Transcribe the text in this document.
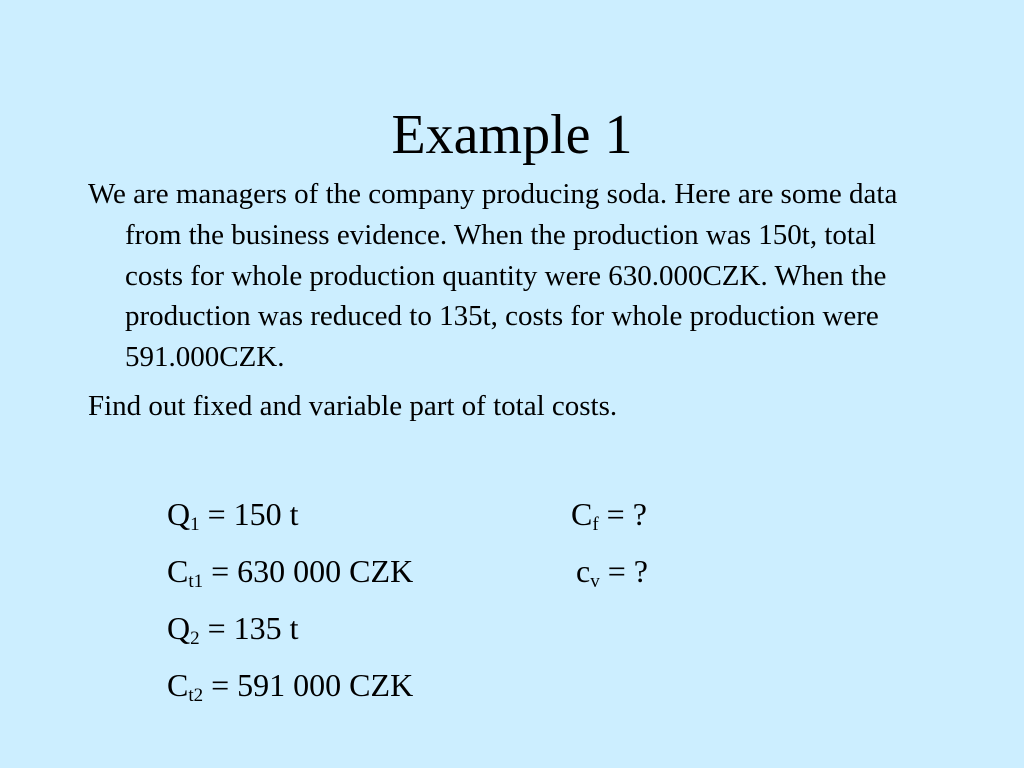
Example 1

We are managers of the company producing soda. Here are some data from the business evidence. When the production was 150t, total costs for whole production quantity were 630.000CZK. When the production was reduced to 135t, costs for whole production were 591.000CZK.

Find out fixed and variable part of total costs.

$Q_1 = 150$ t
$C_{t1} = 630$ 000 CZK
$Q_2 = 135$ t
$C_{t2} = 591$ 000 CZK
$C_f$ = ?
$c_v$ = ?
